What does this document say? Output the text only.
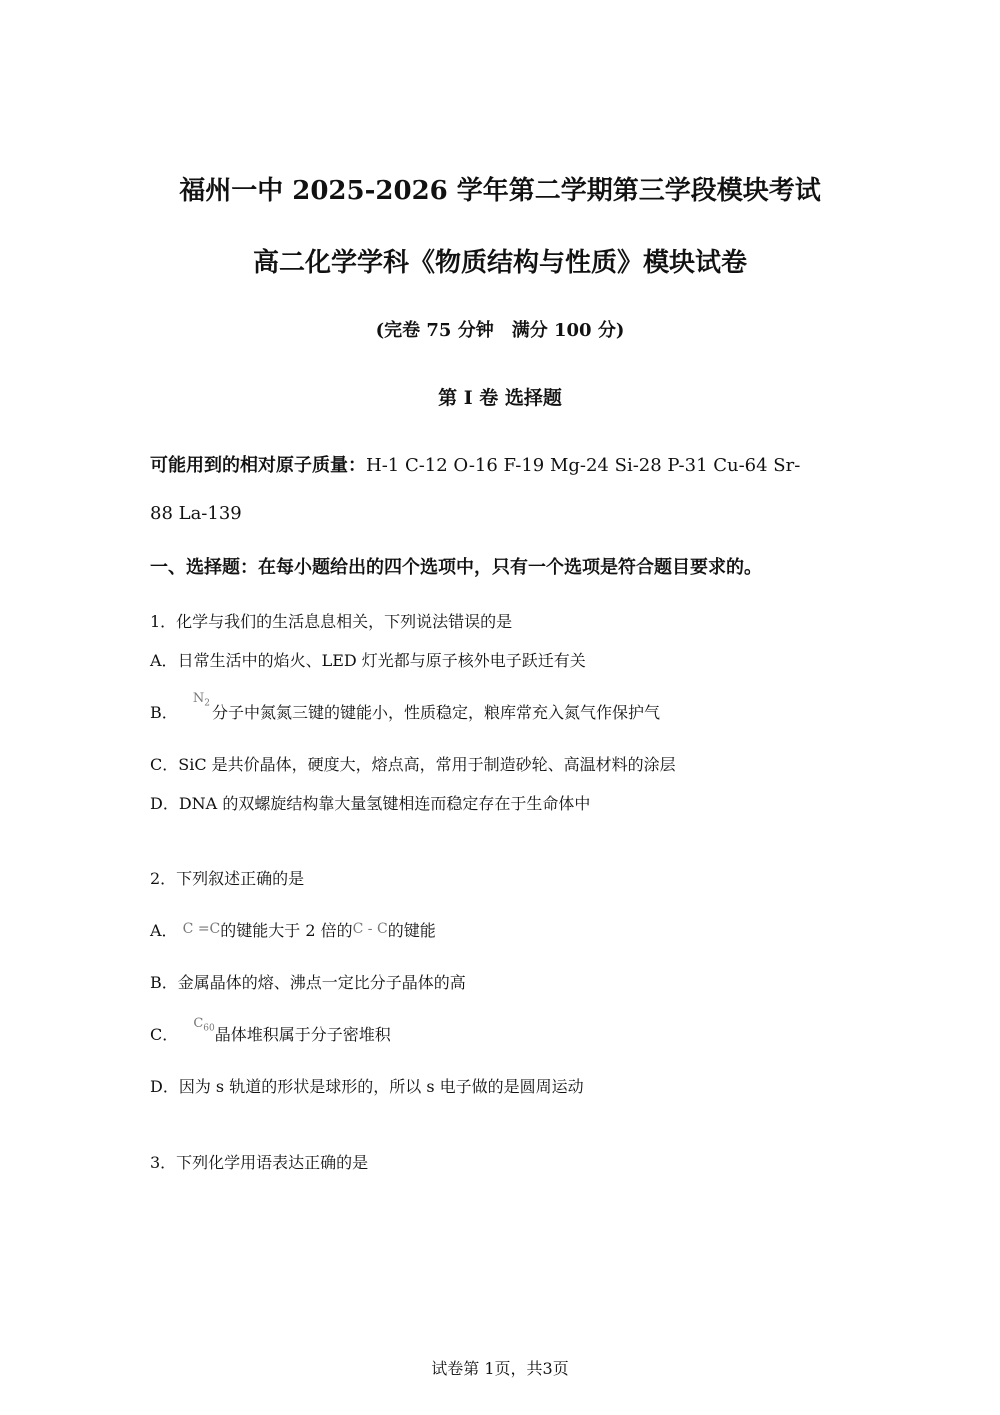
福州一中 2025-2026 学年第二学期第三学段模块考试
高二化学学科《物质结构与性质》模块试卷
(完卷 75 分钟　满分 100 分)
第 I 卷 选择题
可能用到的相对原子质量：H-1 C-12 O-16 F-19 Mg-24 Si-28 P-31 Cu-64 Sr-
88 La-139
一、选择题：在每小题给出的四个选项中，只有一个选项是符合题目要求的。
1．化学与我们的生活息息相关，下列说法错误的是
A．日常生活中的焰火、LED 灯光都与原子核外电子跃迁有关
B． $^{N_2}$ 分子中氮氮三键的键能小，性质稳定，粮库常充入氮气作保护气
C．SiC 是共价晶体，硬度大，熔点高，常用于制造砂轮、高温材料的涂层
D．DNA 的双螺旋结构靠大量氢键相连而稳定存在于生命体中
2．下列叙述正确的是
A． C =C的键能大于 2 倍的C - C的键能
B．金属晶体的熔、沸点一定比分子晶体的高
C． $^{C_{60}}$晶体堆积属于分子密堆积
D．因为 s 轨道的形状是球形的，所以 s 电子做的是圆周运动
3．下列化学用语表达正确的是
试卷第 1页，共3页
